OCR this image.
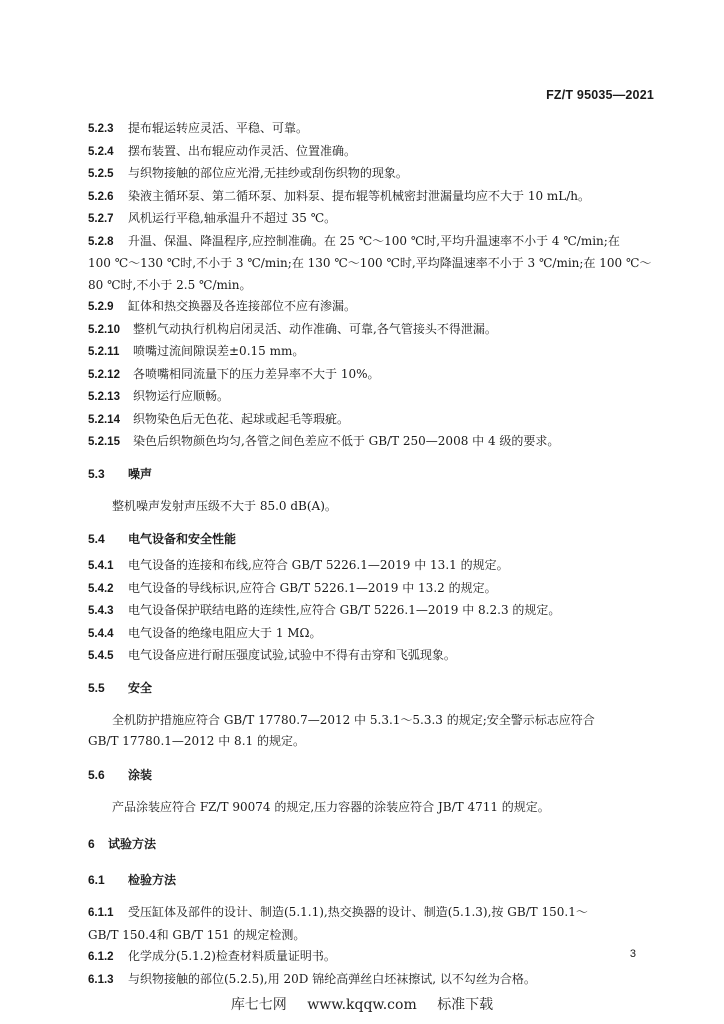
FZ/T 95035—2021

5.2.3 提布辊运转应灵活、平稳、可靠。

5.2.4 摆布装置、出布辊应动作灵活、位置准确。

5.2.5 与织物接触的部位应光滑,无挂纱或刮伤织物的现象。

5.2.6 染液主循环泵、第二循环泵、加料泵、提布辊等机械密封泄漏量均应不大于 10 mL/h。

5.2.7 风机运行平稳,轴承温升不超过 35 ℃。

5.2.8 升温、保温、降温程序,应控制准确。在 25 ℃～100 ℃时,平均升温速率不小于 4 ℃/min;在

100 ℃～130 ℃时,不小于 3 ℃/min;在 130 ℃～100 ℃时,平均降温速率不小于 3 ℃/min;在 100 ℃～

80 ℃时,不小于 2.5 ℃/min。

5.2.9 缸体和热交换器及各连接部位不应有渗漏。

5.2.10 整机气动执行机构启闭灵活、动作准确、可靠,各气管接头不得泄漏。

5.2.11 喷嘴过流间隙误差±0.15 mm。

5.2.12 各喷嘴相同流量下的压力差异率不大于 10%。

5.2.13 织物运行应顺畅。

5.2.14 织物染色后无色花、起球或起毛等瑕疵。

5.2.15 染色后织物颜色均匀,各管之间色差应不低于 GB/T 250—2008 中 4 级的要求。

5.3 噪声

整机噪声发射声压级不大于 85.0 dB(A)。

5.4 电气设备和安全性能

5.4.1 电气设备的连接和布线,应符合 GB/T 5226.1—2019 中 13.1 的规定。

5.4.2 电气设备的导线标识,应符合 GB/T 5226.1—2019 中 13.2 的规定。

5.4.3 电气设备保护联结电路的连续性,应符合 GB/T 5226.1—2019 中 8.2.3 的规定。

5.4.4 电气设备的绝缘电阻应大于 1 MΩ。

5.4.5 电气设备应进行耐压强度试验,试验中不得有击穿和飞弧现象。

5.5 安全

全机防护措施应符合 GB/T 17780.7—2012 中 5.3.1～5.3.3 的规定;安全警示标志应符合

GB/T 17780.1—2012 中 8.1 的规定。

5.6 涂装

产品涂装应符合 FZ/T 90074 的规定,压力容器的涂装应符合 JB/T 4711 的规定。

6 试验方法

6.1 检验方法

6.1.1 受压缸体及部件的设计、制造(5.1.1),热交换器的设计、制造(5.1.3),按 GB/T 150.1～

GB/T 150.4和 GB/T 151 的规定检测。

6.1.2 化学成分(5.1.2)检查材料质量证明书。

6.1.3 与织物接触的部位(5.2.5),用 20D 锦纶高弹丝白坯袜擦试, 以不勾丝为合格。

3
库七七网 www.kqqw.com 标准下载
